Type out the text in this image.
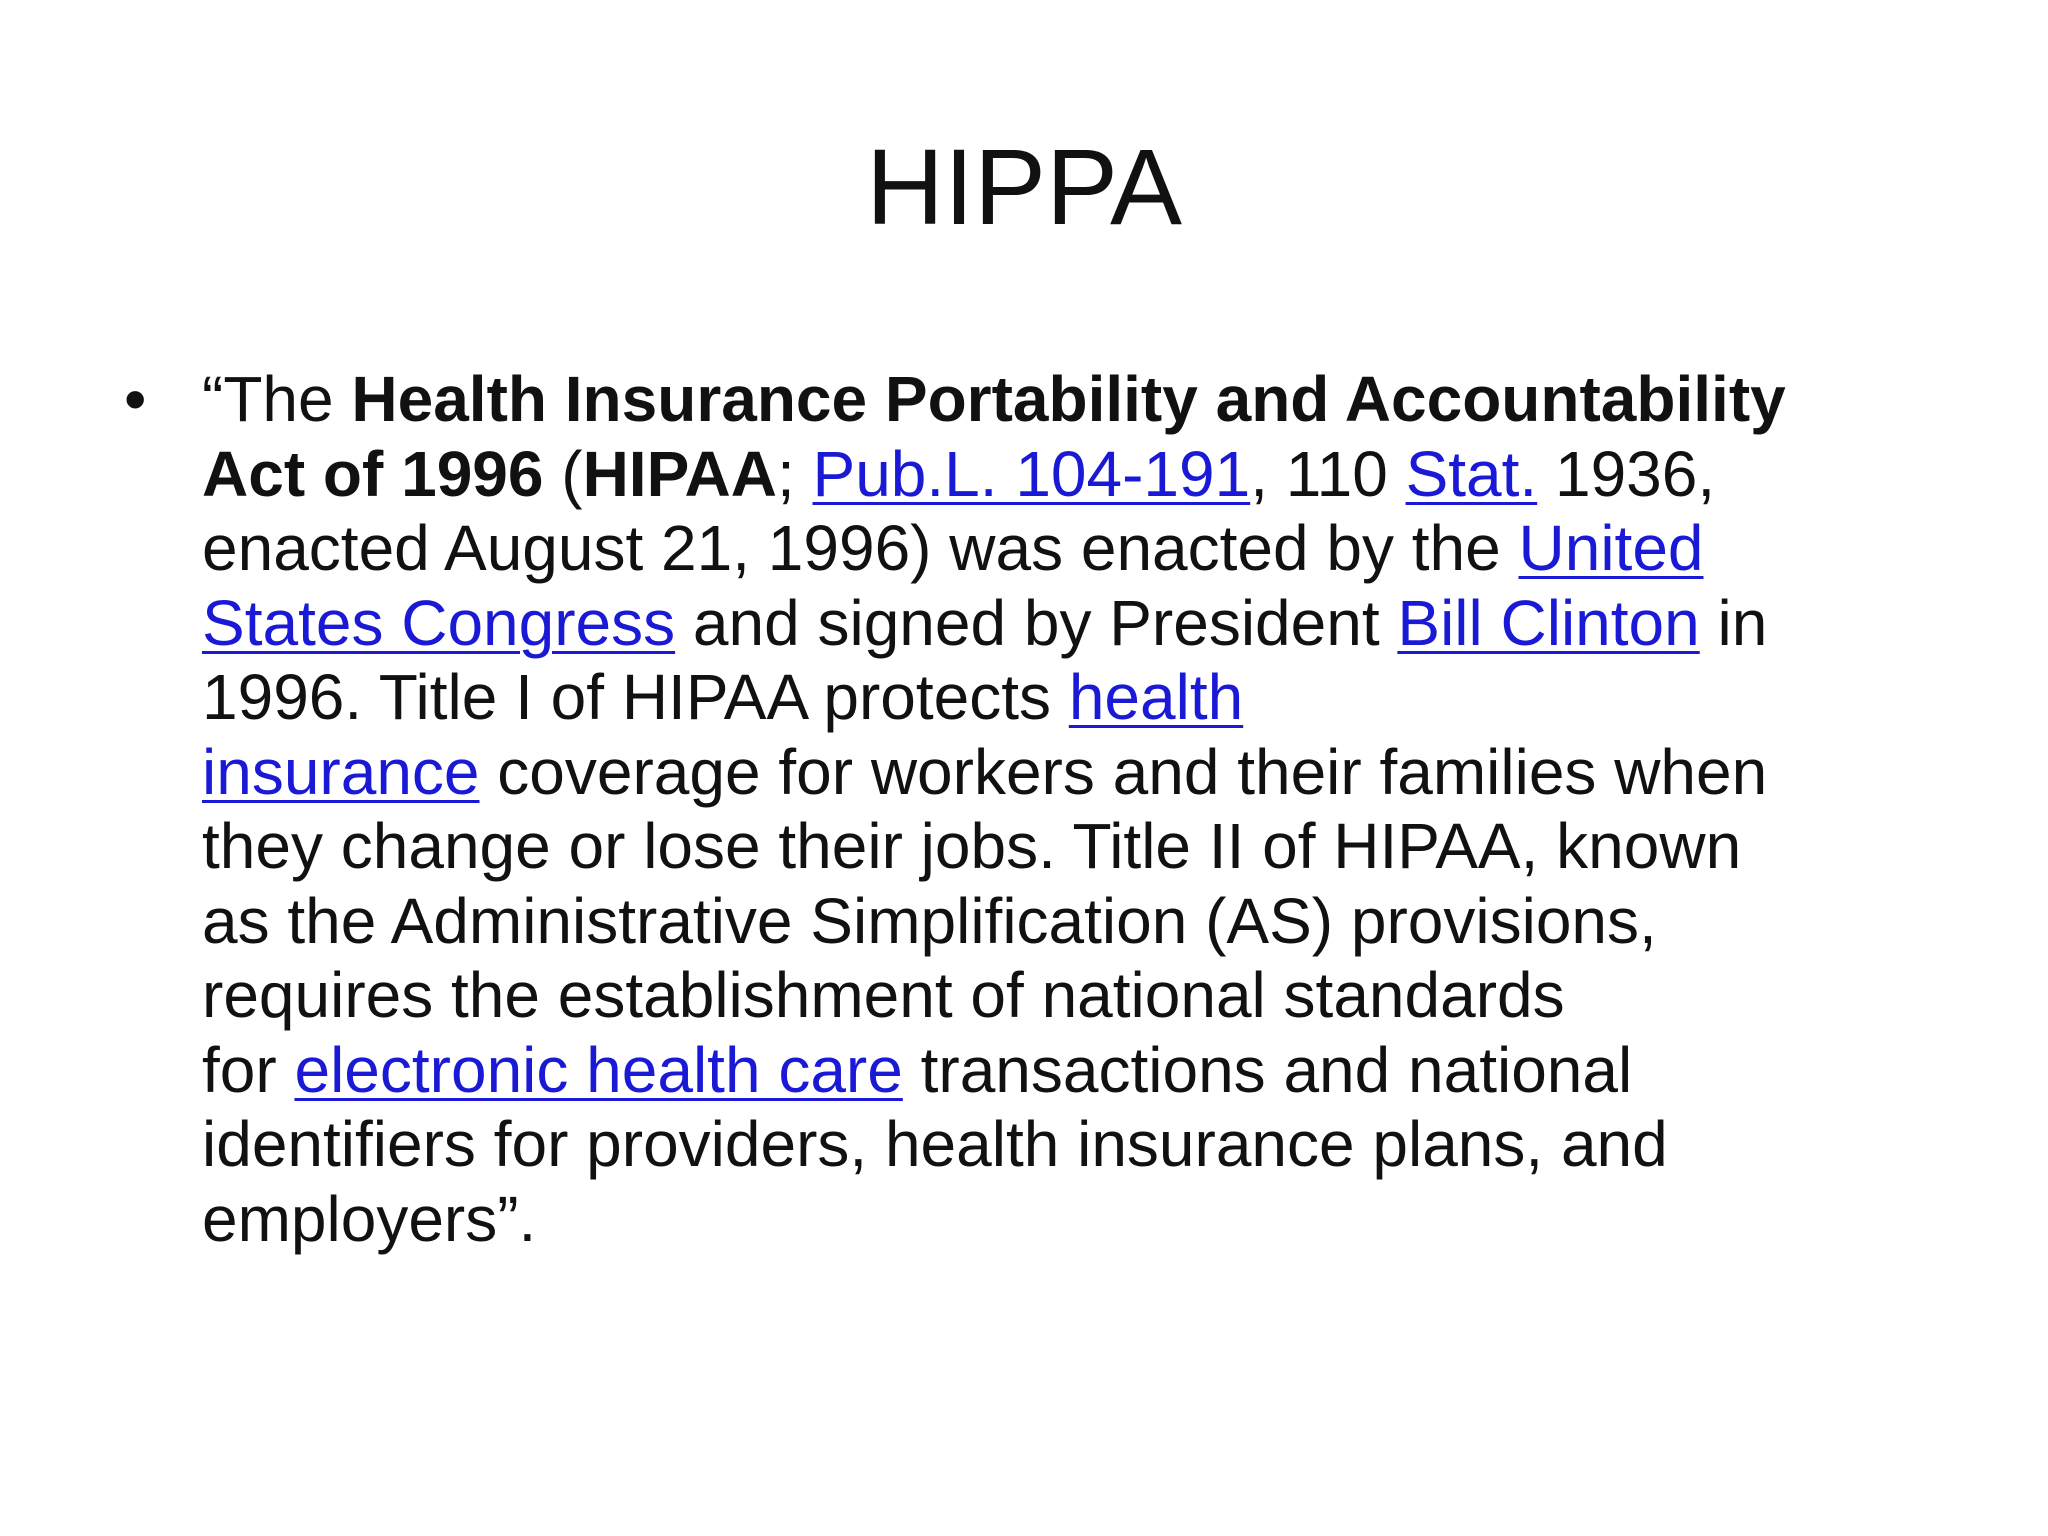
HIPPA
• “The Health Insurance Portability and Accountability
Act of 1996 (HIPAA; Pub.L. 104-191, 110 Stat. 1936,
enacted August 21, 1996) was enacted by the United
States Congress and signed by President Bill Clinton in
1996. Title I of HIPAA protects health
insurance coverage for workers and their families when
they change or lose their jobs. Title II of HIPAA, known
as the Administrative Simplification (AS) provisions,
requires the establishment of national standards
for electronic health care transactions and national
identifiers for providers, health insurance plans, and
employers”.
